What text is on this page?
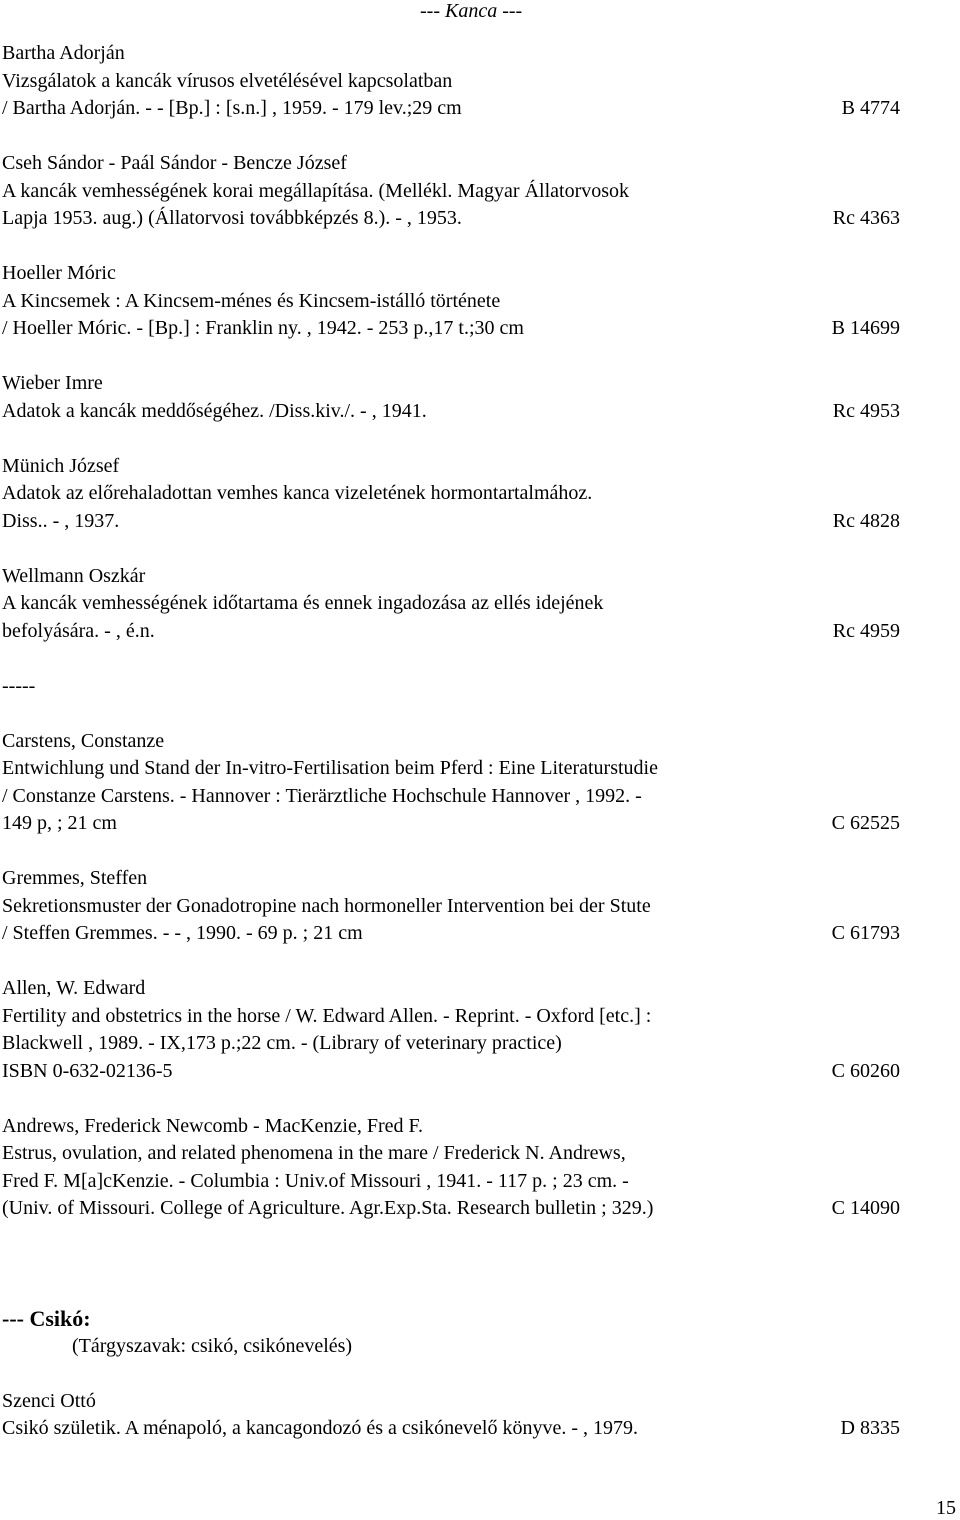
--- Kanca ---
Bartha Adorján
Vizsgálatok a kancák vírusos elvetélésével kapcsolatban
/ Bartha Adorján. - - [Bp.] : [s.n.] , 1959. - 179 lev.;29 cm	B 4774
Cseh Sándor - Paál Sándor - Bencze József
A kancák vemhességének korai megállapítása. (Mellékl. Magyar Állatorvosok
Lapja 1953. aug.) (Állatorvosi továbbképzés 8.). - , 1953.	Rc 4363
Hoeller Móric
A Kincsemek : A Kincsem-ménes és Kincsem-istálló története
/ Hoeller Móric. - [Bp.] : Franklin ny. , 1942. - 253 p.,17 t.;30 cm	B 14699
Wieber Imre
Adatok a kancák meddőségéhez. /Diss.kiv./. - , 1941.	Rc 4953
Münich József
Adatok az előrehaladottan vemhes kanca vizeletének hormontartalmához.
Diss.. - , 1937.	Rc 4828
Wellmann Oszkár
A kancák vemhességének időtartama és ennek ingadozása az ellés idejének
befolyására. - , é.n.	Rc 4959
-----
Carstens, Constanze
Entwichlung und Stand der In-vitro-Fertilisation beim Pferd : Eine Literaturstudie
/ Constanze Carstens. - Hannover : Tierärztliche Hochschule Hannover , 1992. -
149 p, ; 21 cm	C 62525
Gremmes, Steffen
Sekretionsmuster der Gonadotropine nach hormoneller Intervention bei der Stute
/ Steffen Gremmes. - - , 1990. - 69 p. ; 21 cm	C 61793
Allen, W. Edward
Fertility and obstetrics in the horse / W. Edward Allen. - Reprint. - Oxford [etc.] :
Blackwell , 1989. - IX,173 p.;22 cm. - (Library of veterinary practice)
ISBN 0-632-02136-5	C 60260
Andrews, Frederick Newcomb - MacKenzie, Fred F.
Estrus, ovulation, and related phenomena in the mare / Frederick N. Andrews,
Fred F. M[a]cKenzie. - Columbia : Univ.of Missouri , 1941. - 117 p. ; 23 cm. -
(Univ. of Missouri. College of Agriculture. Agr.Exp.Sta. Research bulletin ; 329.)	C 14090
--- Csikó:
(Tárgyszavak: csikó, csikónevelés)
Szenci Ottó
Csikó születik. A ménapoló, a kancagondozó és a csikónevelő könyve. - , 1979.	D 8335
15
